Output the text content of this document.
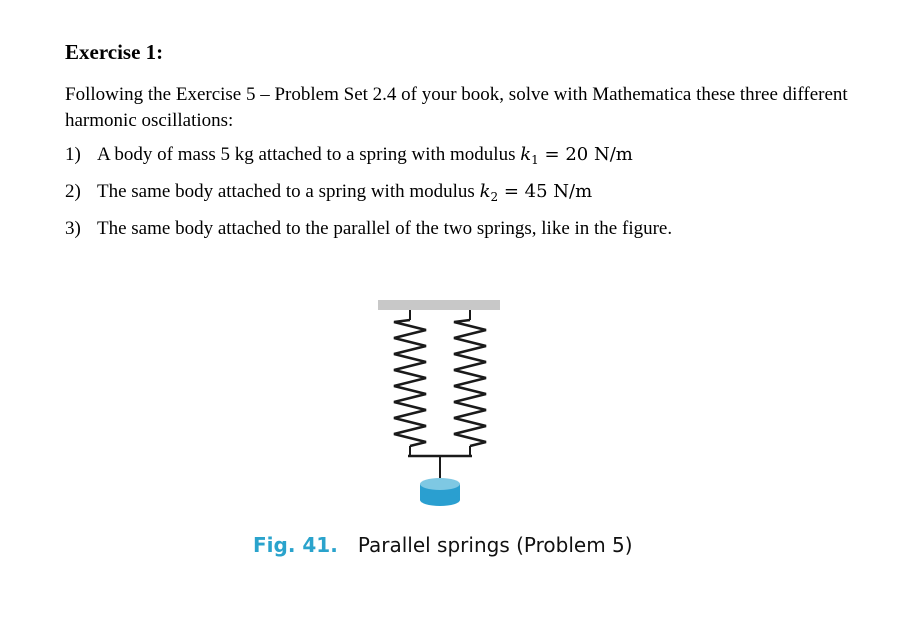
Exercise 1:
Following the Exercise 5 – Problem Set 2.4 of your book, solve with Mathematica these three different harmonic oscillations:
1) A body of mass 5 kg attached to a spring with modulus $k_1 = 20$ N/m
2) The same body attached to a spring with modulus $k_2 = 45$ N/m
3) The same body attached to the parallel of the two springs, like in the figure.
Fig. 41. Parallel springs (Problem 5)
